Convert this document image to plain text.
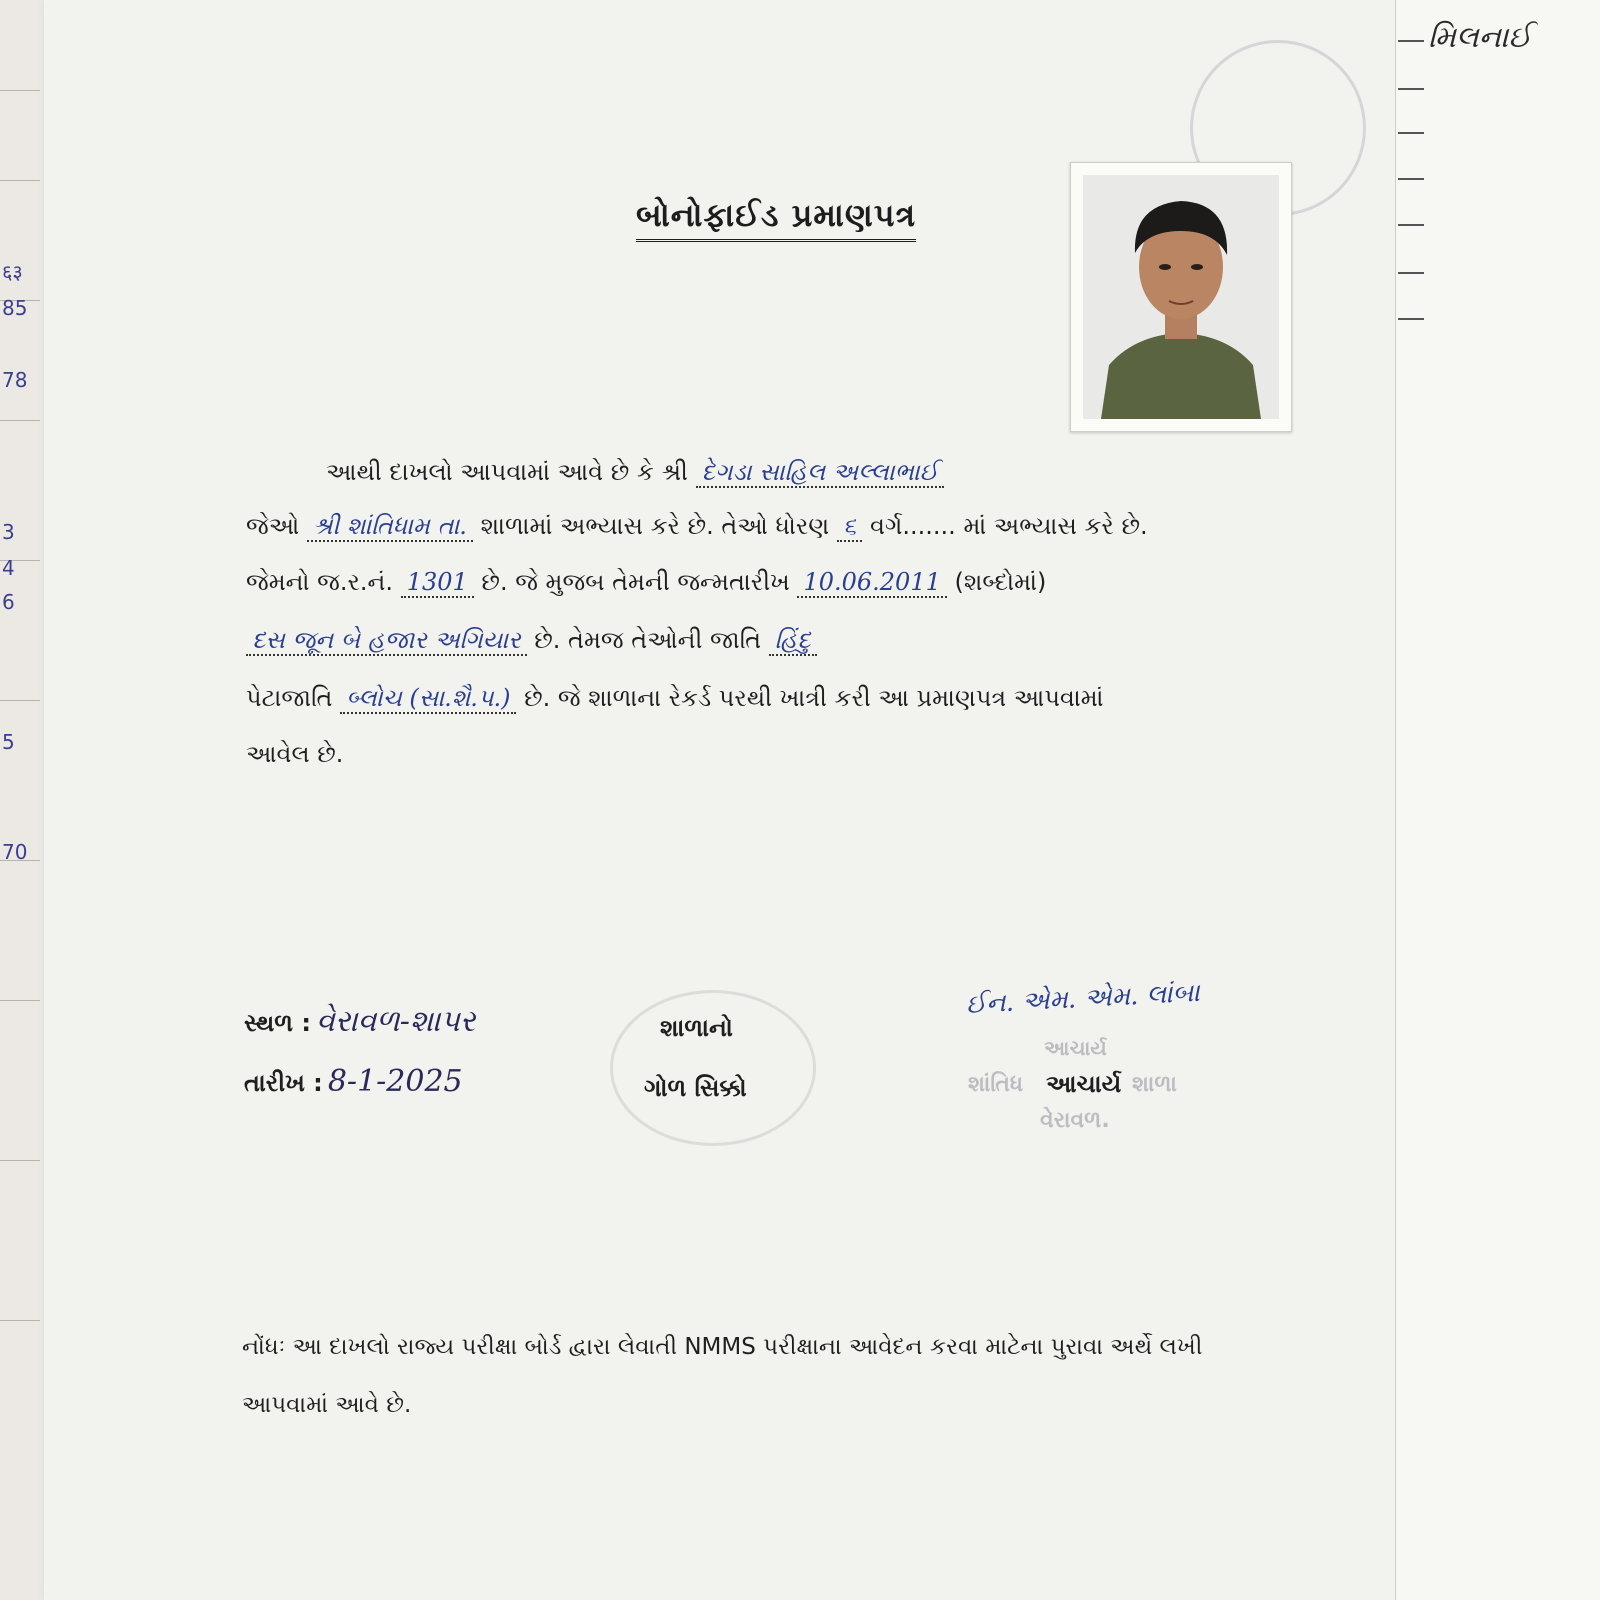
६३
85
78
3
4
6
5
70
મિલનાઈ
બોનોફાઈડ પ્રમાણપત્ર
આથી દાખલો આપવામાં આવે છે કે શ્રી દેગડા સાહિલ અલ્લાભાઈ
જેઓ શ્રી શાંતિધામ તા. શાળામાં અભ્યાસ કરે છે. તેઓ ધોરણ ૬ વર્ગ....... માં અભ્યાસ કરે છે.
જેમનો જ.ર.નં. 1301 છે. જે મુજબ તેમની જન્મતારીખ 10.06.2011 (શબ્દોમાં)
દસ જૂન બે હજાર અગિયાર છે. તેમજ તેઓની જાતિ હિંદુ
પેટાજાતિ બ્લોચ (સા.શૈ.પ.) છે. જે શાળાના રેકર્ડ પરથી ખાત્રી કરી આ પ્રમાણપત્ર આપવામાં
આવેલ છે.
સ્થળ : વેરાવળ-શાપર
તારીખ : 8-1-2025
શાળાનો
ગોળ સિક્કો
ઈન. એમ. એમ. લાંબા
આચાર્ય
શાંતિધ આચાર્ય શાળા
વેરાવળ.
નોંધઃ આ દાખલો રાજ્ય પરીક્ષા બોર્ડ દ્વારા લેવાતી NMMS પરીક્ષાના આવેદન કરવા માટેના પુરાવા અર્થે લખી
આપવામાં આવે છે.
